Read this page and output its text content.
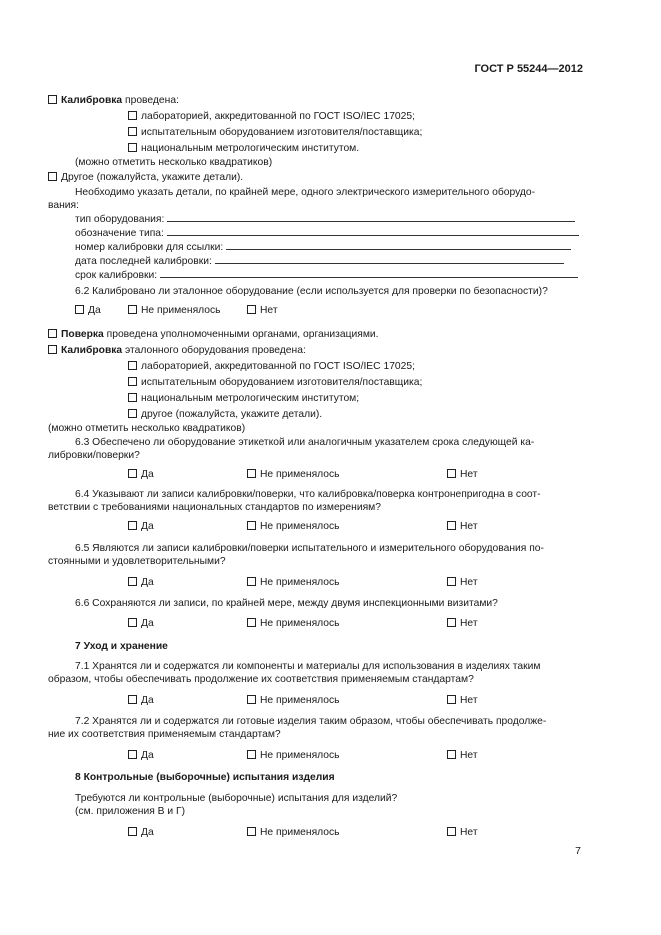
ГОСТ Р 55244—2012
Калибровка проведена:
лабораторией, аккредитованной по ГОСТ ISO/IEC 17025;
испытательным оборудованием изготовителя/поставщика;
национальным метрологическим институтом.
(можно отметить несколько квадратиков)
Другое (пожалуйста, укажите детали).
Необходимо указать детали, по крайней мере, одного электрического измерительного оборудо-
вания:
тип оборудования:
обозначение типа:
номер калибровки для ссылки:
дата последней калибровки:
срок калибровки:
6.2 Калибровано ли эталонное оборудование (если используется для проверки по безопасности)?
Да	Не применялось	Нет
Поверка проведена уполномоченными органами, организациями.
Калибровка эталонного оборудования проведена:
лабораторией, аккредитованной по ГОСТ ISO/IEC 17025;
испытательным оборудованием изготовителя/поставщика;
национальным метрологическим институтом;
другое (пожалуйста, укажите детали).
(можно отметить несколько квадратиков)
6.3 Обеспечено ли оборудование этикеткой или аналогичным указателем срока следующей ка-
либровки/поверки?
Да	Не применялось	Нет
6.4 Указывают ли записи калибровки/поверки, что калибровка/поверка контронепригодна в соот-
ветствии с требованиями национальных стандартов по измерениям?
Да	Не применялось	Нет
6.5 Являются ли записи калибровки/поверки испытательного и измерительного оборудования по-
стоянными и удовлетворительными?
Да	Не применялось	Нет
6.6 Сохраняются ли записи, по крайней мере, между двумя инспекционными визитами?
Да	Не применялось	Нет
7 Уход и хранение
7.1 Хранятся ли и содержатся ли компоненты и материалы для использования в изделиях таким
образом, чтобы обеспечивать продолжение их соответствия применяемым стандартам?
Да	Не применялось	Нет
7.2 Хранятся ли и содержатся ли готовые изделия таким образом, чтобы обеспечивать продолже-
ние их соответствия применяемым стандартам?
Да	Не применялось	Нет
8 Контрольные (выборочные) испытания изделия
Требуются ли контрольные (выборочные) испытания для изделий?
(см. приложения В и Г)
Да	Не применялось	Нет
7
